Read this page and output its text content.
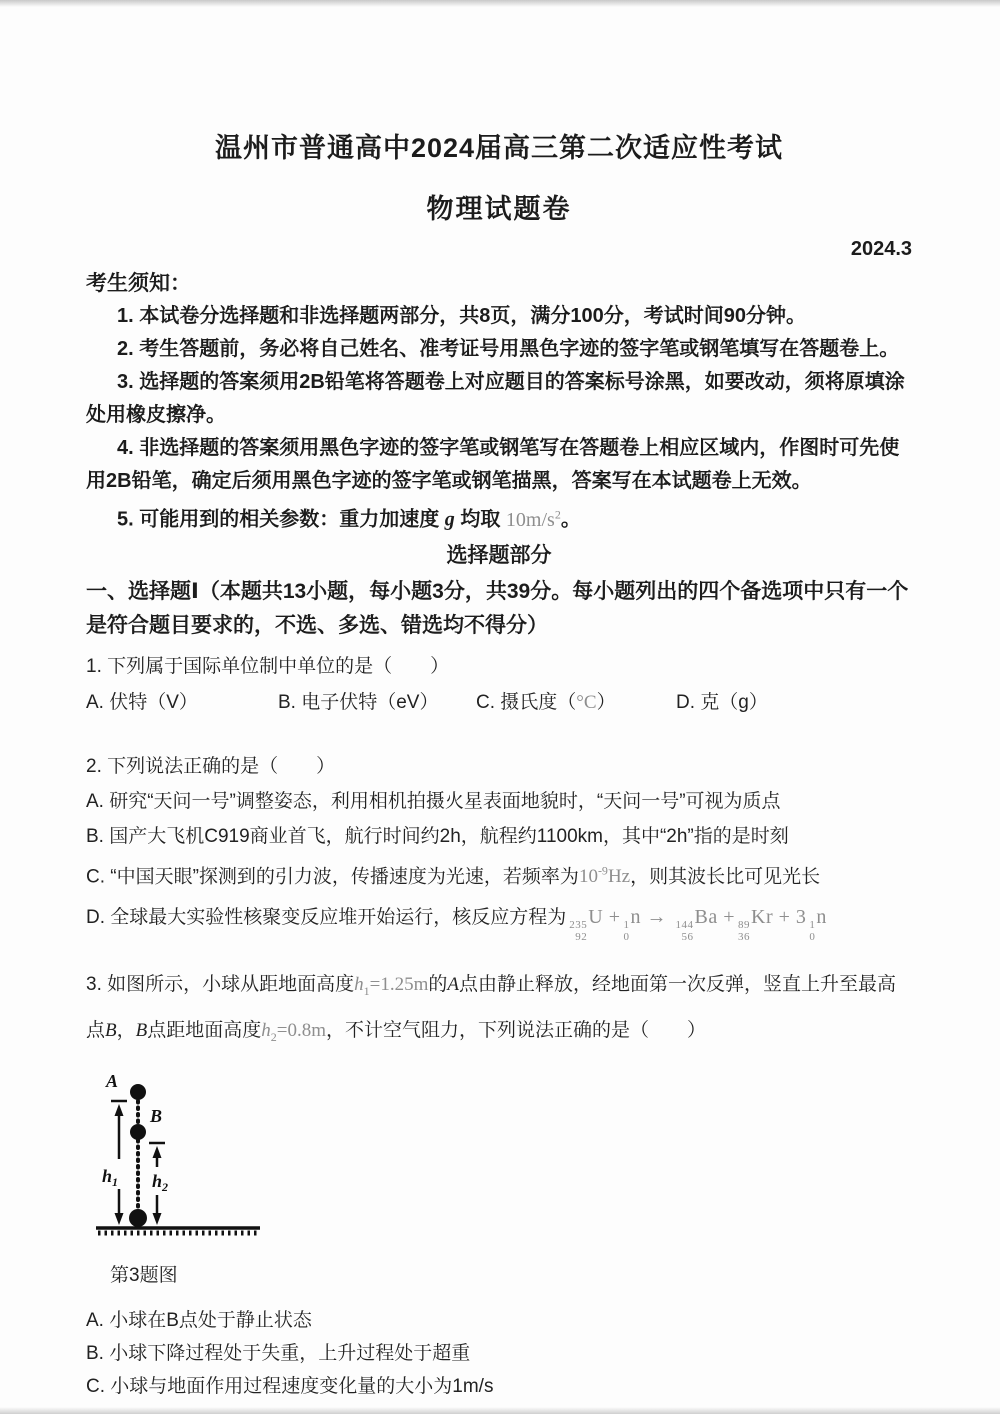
温州市普通高中2024届高三第二次适应性考试
物理试题卷
2024.3
考生须知：

1. 本试卷分选择题和非选择题两部分，共8页，满分100分，考试时间90分钟。

2. 考生答题前，务必将自己姓名、准考证号用黑色字迹的签字笔或钢笔填写在答题卷上。

3. 选择题的答案须用2B铅笔将答题卷上对应题目的答案标号涂黑，如要改动，须将原填涂处用橡皮擦净。

4. 非选择题的答案须用黑色字迹的签字笔或钢笔写在答题卷上相应区域内，作图时可先使用2B铅笔，确定后须用黑色字迹的签字笔或钢笔描黑，答案写在本试题卷上无效。

5. 可能用到的相关参数：重力加速度 g 均取 $10m/s^2$。

选择题部分
一、选择题Ⅰ（本题共13小题，每小题3分，共39分。每小题列出的四个备选项中只有一个是符合题目要求的，不选、多选、错选均不得分）

1. 下列属于国际单位制中单位的是（　　）

A. 伏特（V）	B. 电子伏特（eV）	C. 摄氏度（°C）	D. 克（g）

2. 下列说法正确的是（　　）

A. 研究“天问一号”调整姿态，利用相机拍摄火星表面地貌时，“天问一号”可视为质点

B. 国产大飞机C919商业首飞，航行时间约2h，航程约1100km，其中“2h”指的是时刻

C. “中国天眼”探测到的引力波，传播速度为光速，若频率为$10^{-9}Hz$，则其波长比可见光长

D. 全球最大实验性核聚变反应堆开始运行，核反应方程为 235
92
U + 1
0
n → 144
56
Ba + 89
36
Kr + 3 1
0
n

3. 如图所示，小球从距地面高度$h_1=1.25m$的A点由静止释放，经地面第一次反弹，竖直上升至最高点B，B点距地面高度$h_2=0.8m$，不计空气阻力，下列说法正确的是（　　）

A
B
$h_1$ $h_2$
第3题图

A. 小球在B点处于静止状态

B. 小球下降过程处于失重，上升过程处于超重

C. 小球与地面作用过程速度变化量的大小为1m/s
